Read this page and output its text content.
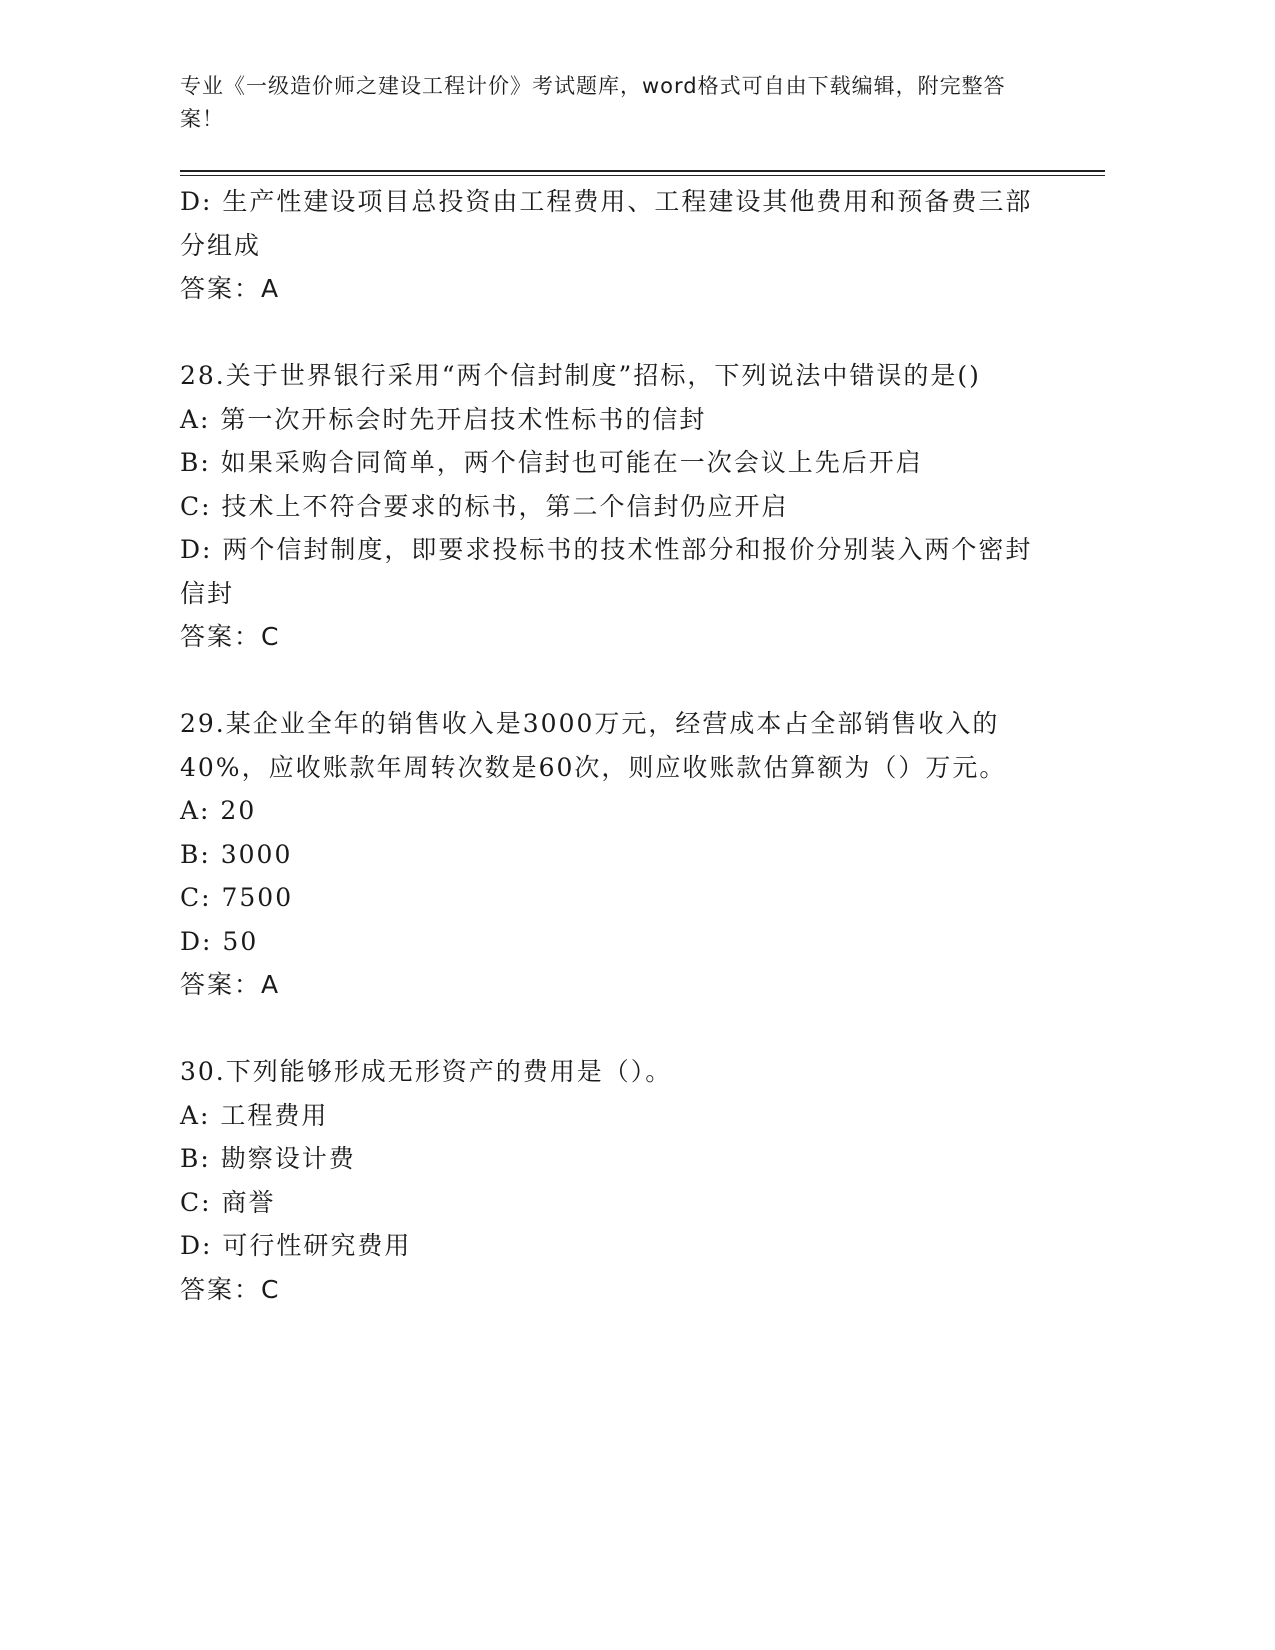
专业《一级造价师之建设工程计价》考试题库，word格式可自由下载编辑，附完整答案！

D: 生产性建设项目总投资由工程费用、工程建设其他费用和预备费三部分组成

答案：A

28.关于世界银行采用“两个信封制度”招标，下列说法中错误的是()

A: 第一次开标会时先开启技术性标书的信封

B: 如果采购合同简单，两个信封也可能在一次会议上先后开启

C: 技术上不符合要求的标书，第二个信封仍应开启

D: 两个信封制度，即要求投标书的技术性部分和报价分别装入两个密封信封

答案：C

29.某企业全年的销售收入是3000万元，经营成本占全部销售收入的40%，应收账款年周转次数是60次，则应收账款估算额为（）万元。

A: 20

B: 3000

C: 7500

D: 50

答案：A

30.下列能够形成无形资产的费用是（）。

A: 工程费用

B: 勘察设计费

C: 商誉

D: 可行性研究费用

答案：C
